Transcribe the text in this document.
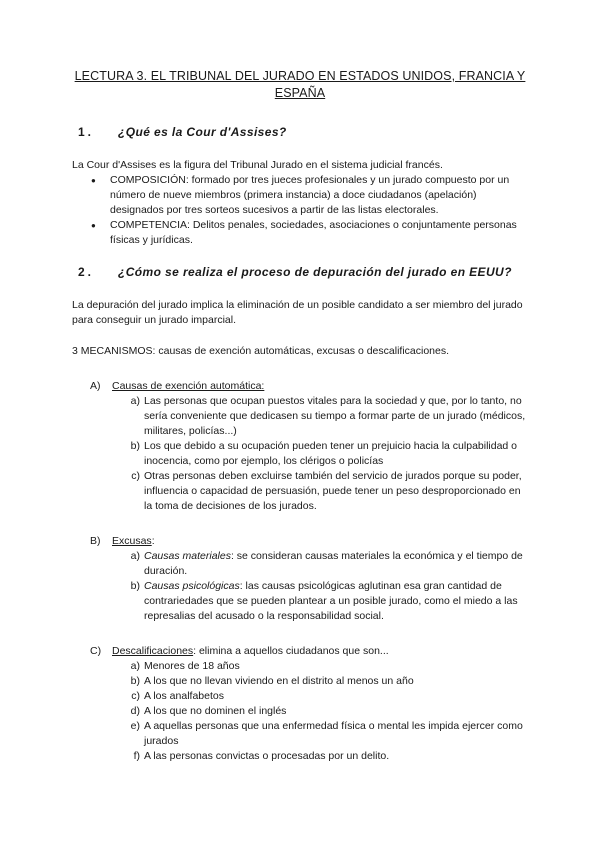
LECTURA 3. EL TRIBUNAL DEL JURADO EN ESTADOS UNIDOS, FRANCIA Y ESPAÑA
1. ¿Qué es la Cour d'Assises?

La Cour d'Assises es la figura del Tribunal Jurado en el sistema judicial francés.

● COMPOSICIÓN: formado por tres jueces profesionales y un jurado compuesto por un número de nueve miembros (primera instancia) a doce ciudadanos (apelación) designados por tres sorteos sucesivos a partir de las listas electorales.
● COMPETENCIA: Delitos penales, sociedades, asociaciones o conjuntamente personas físicas y jurídicas.
2. ¿Cómo se realiza el proceso de depuración del jurado en EEUU?

La depuración del jurado implica la eliminación de un posible candidato a ser miembro del jurado para conseguir un jurado imparcial.

3 MECANISMOS: causas de exención automáticas, excusas o descalificaciones.

A) Causas de exención automática:
a) Las personas que ocupan puestos vitales para la sociedad y que, por lo tanto, no sería conveniente que dedicasen su tiempo a formar parte de un jurado (médicos, militares, policías...)
b) Los que debido a su ocupación pueden tener un prejuicio hacia la culpabilidad o inocencia, como por ejemplo, los clérigos o policías
c) Otras personas deben excluirse también del servicio de jurados porque su poder, influencia o capacidad de persuasión, puede tener un peso desproporcionado en la toma de decisiones de los jurados.
B) Excusas:
a) Causas materiales: se consideran causas materiales la económica y el tiempo de duración.
b) Causas psicológicas: las causas psicológicas aglutinan esa gran cantidad de contrariedades que se pueden plantear a un posible jurado, como el miedo a las represalias del acusado o la responsabilidad social.
C) Descalificaciones: elimina a aquellos ciudadanos que son...
a) Menores de 18 años
b) A los que no llevan viviendo en el distrito al menos un año
c) A los analfabetos
d) A los que no dominen el inglés
e) A aquellas personas que una enfermedad física o mental les impida ejercer como jurados
f) A las personas convictas o procesadas por un delito.
